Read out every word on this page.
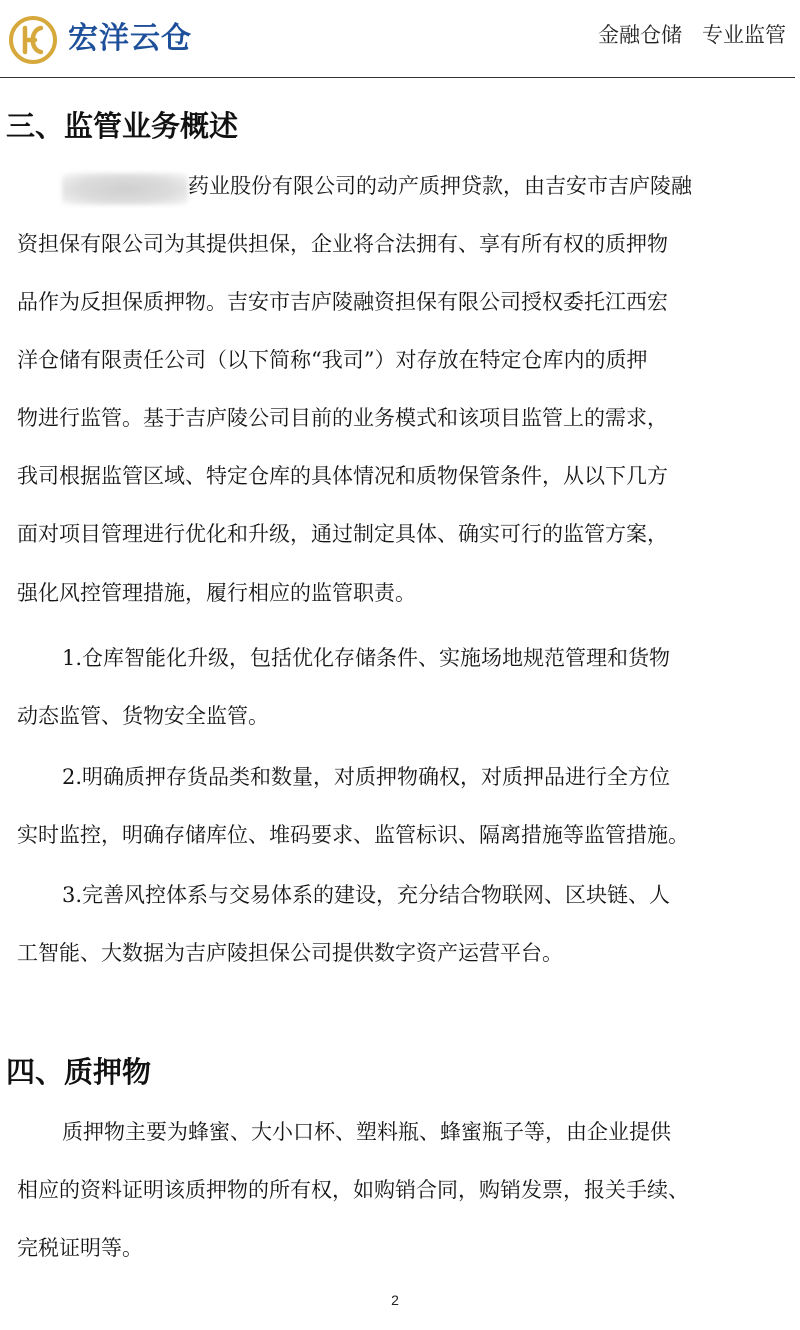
宏洋云仓	金融仓储 专业监管
三、监管业务概述
药业股份有限公司的动产质押贷款，由吉安市吉庐陵融
资担保有限公司为其提供担保，企业将合法拥有、享有所有权的质押物
品作为反担保质押物。吉安市吉庐陵融资担保有限公司授权委托江西宏
洋仓储有限责任公司（以下简称“我司”）对存放在特定仓库内的质押
物进行监管。基于吉庐陵公司目前的业务模式和该项目监管上的需求，
我司根据监管区域、特定仓库的具体情况和质物保管条件，从以下几方
面对项目管理进行优化和升级，通过制定具体、确实可行的监管方案，
强化风控管理措施，履行相应的监管职责。
1.仓库智能化升级，包括优化存储条件、实施场地规范管理和货物
动态监管、货物安全监管。
2.明确质押存货品类和数量，对质押物确权，对质押品进行全方位
实时监控，明确存储库位、堆码要求、监管标识、隔离措施等监管措施。
3.完善风控体系与交易体系的建设，充分结合物联网、区块链、人
工智能、大数据为吉庐陵担保公司提供数字资产运营平台。
四、质押物
质押物主要为蜂蜜、大小口杯、塑料瓶、蜂蜜瓶子等，由企业提供
相应的资料证明该质押物的所有权，如购销合同，购销发票，报关手续、
完税证明等。
2
